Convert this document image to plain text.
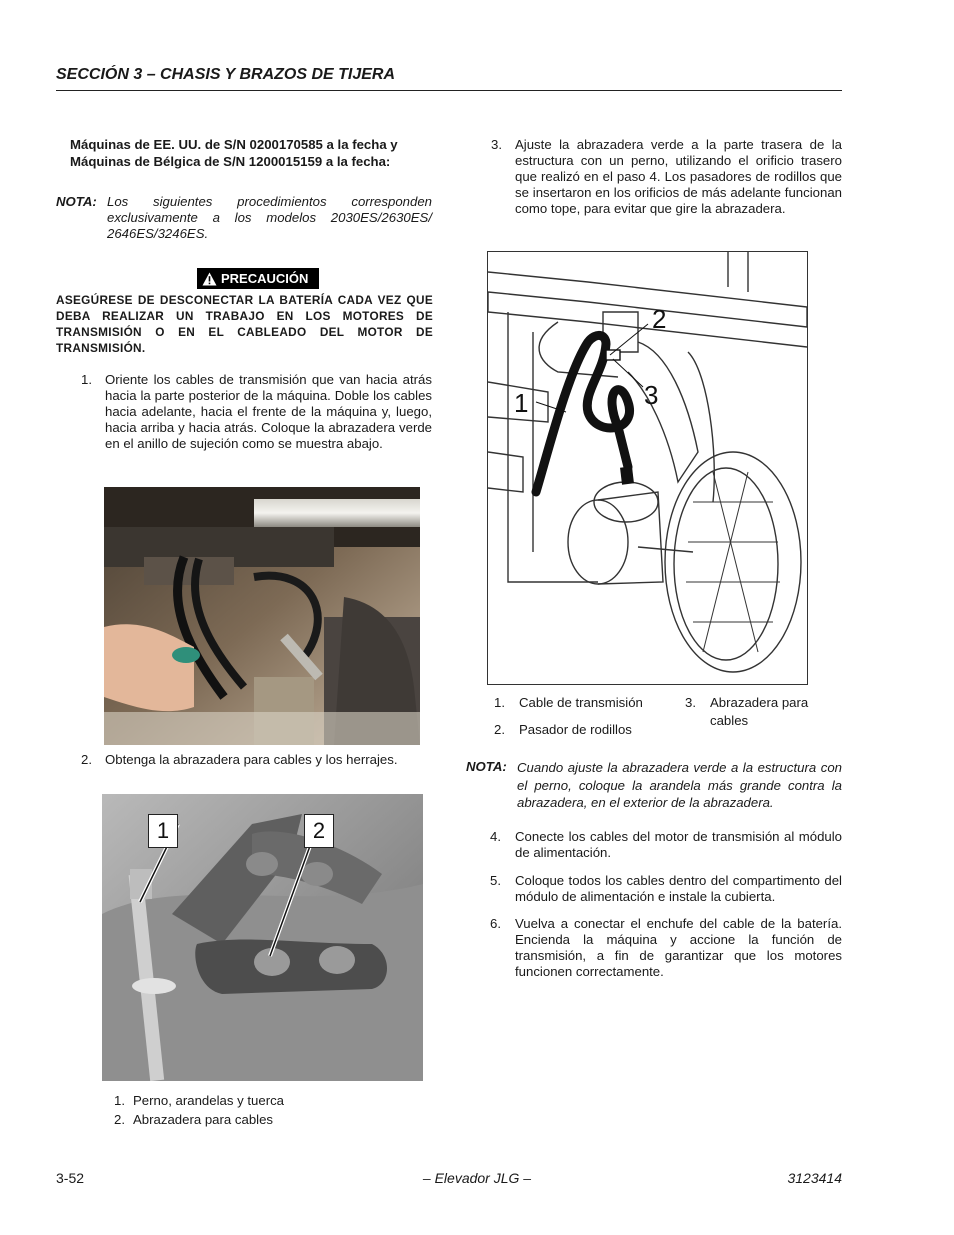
SECCIÓN 3 – CHASIS Y BRAZOS DE TIJERA
Máquinas de EE. UU. de S/N 0200170585 a la fecha y
Máquinas de Bélgica de S/N 1200015159 a la fecha:
NOTA: Los siguientes procedimientos corresponden exclusivamente a los modelos 2030ES/2630ES/ 2646ES/3246ES.
PRECAUCIÓN
ASEGÚRESE DE DESCONECTAR LA BATERÍA CADA VEZ QUE DEBA REALIZAR UN TRABAJO EN LOS MOTORES DE TRANSMISIÓN O EN EL CABLEADO DEL MOTOR DE TRANSMISIÓN.
1. Oriente los cables de transmisión que van hacia atrás hacia la parte posterior de la máquina. Doble los cables hacia adelante, hacia el frente de la máquina y, luego, hacia arriba y hacia atrás. Coloque la abrazadera verde en el anillo de sujeción como se muestra abajo.
2. Obtenga la abrazadera para cables y los herrajes.
1	2
1. Perno, arandelas y tuerca
2. Abrazadera para cables
3. Ajuste la abrazadera verde a la parte trasera de la estructura con un perno, utilizando el orificio trasero que realizó en el paso 4. Los pasadores de rodillos que se insertaron en los orificios de más adelante funcionan como tope, para evitar que gire la abrazadera.
1
2
3
1. Cable de transmisión
2. Pasador de rodillos
3. Abrazadera para cables
NOTA: Cuando ajuste la abrazadera verde a la estructura con el perno, coloque la arandela más grande contra la abrazadera, en el exterior de la abrazadera.
4. Conecte los cables del motor de transmisión al módulo de alimentación.
5. Coloque todos los cables dentro del compartimento del módulo de alimentación e instale la cubierta.
6. Vuelva a conectar el enchufe del cable de la batería. Encienda la máquina y accione la función de transmisión, a fin de garantizar que los motores funcionen correctamente.
3-52	– Elevador JLG –	3123414
